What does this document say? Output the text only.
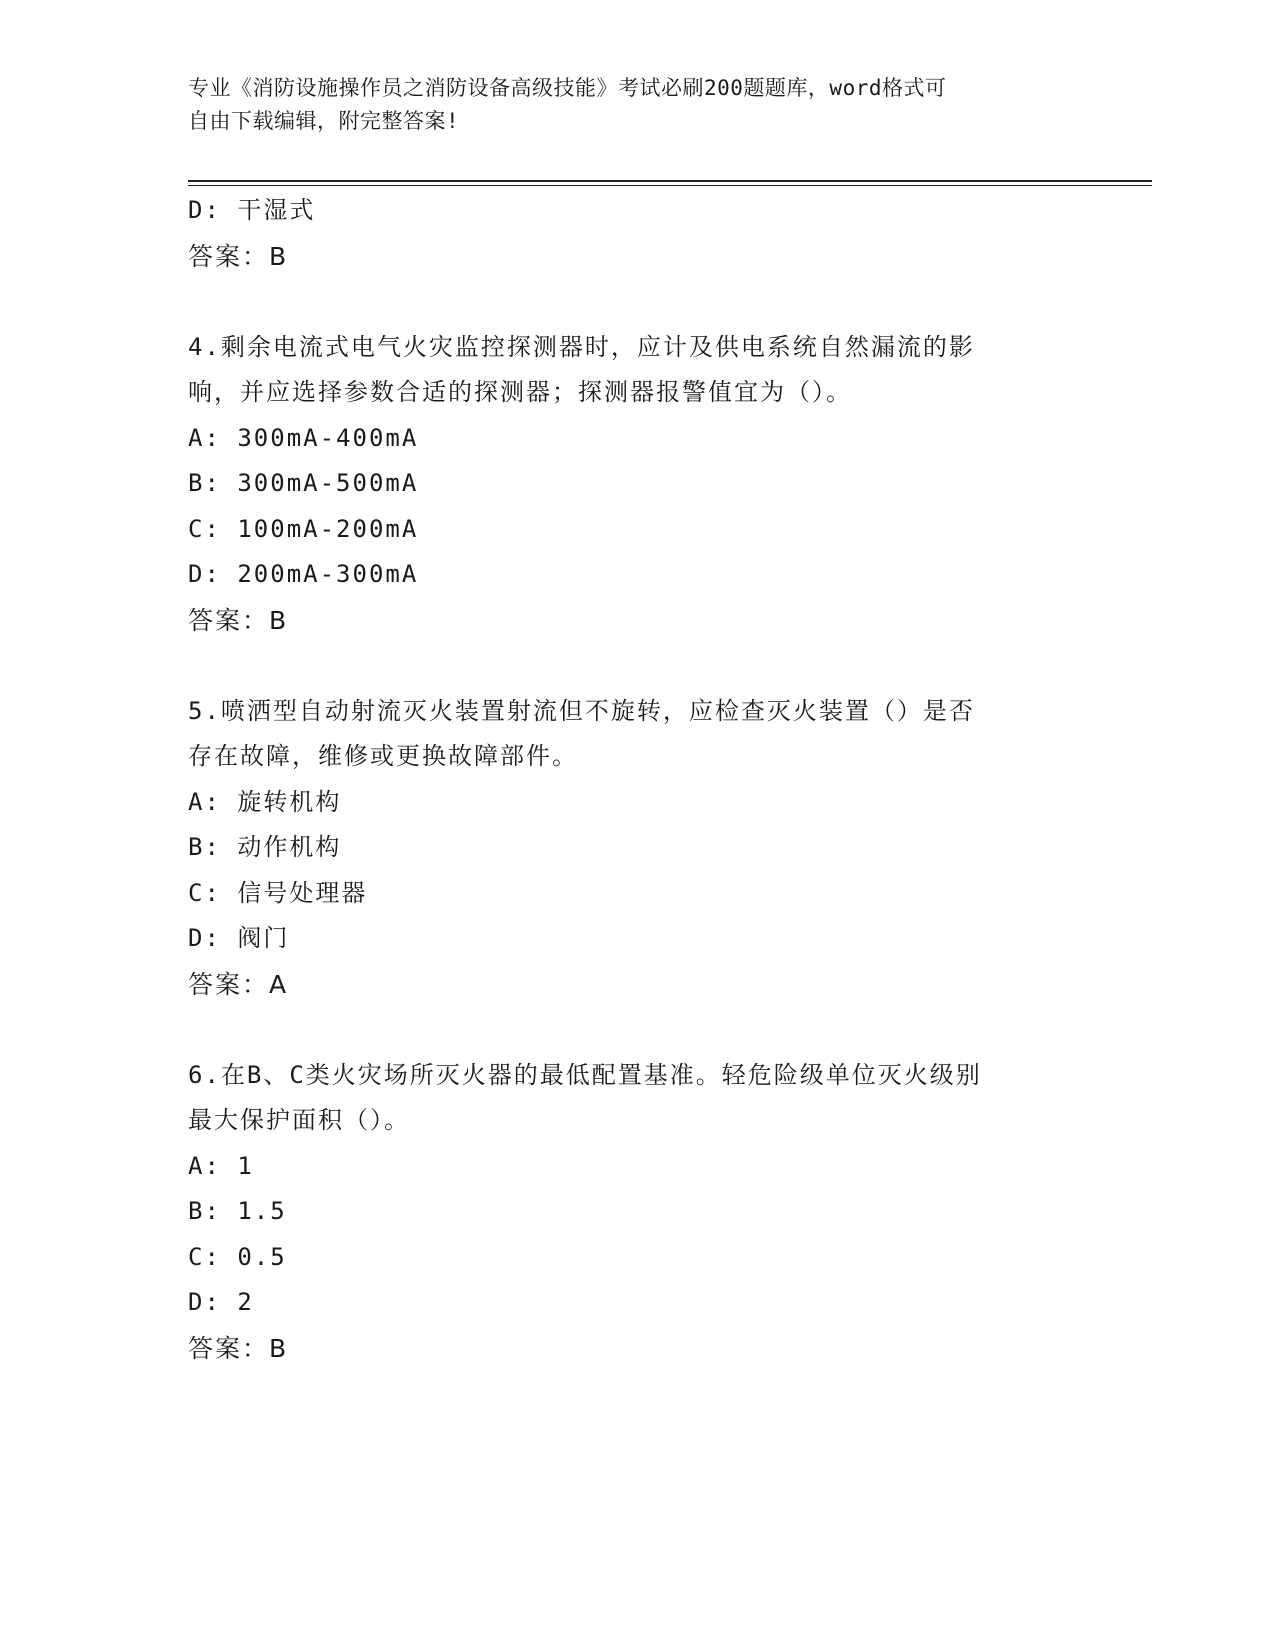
专业《消防设施操作员之消防设备高级技能》考试必刷200题题库，word格式可
自由下载编辑，附完整答案!
D: 干湿式
答案：B
4.剩余电流式电气火灾监控探测器时，应计及供电系统自然漏流的影
响，并应选择参数合适的探测器；探测器报警值宜为（）。
A: 300mA-400mA
B: 300mA-500mA
C: 100mA-200mA
D: 200mA-300mA
答案：B
5.喷洒型自动射流灭火装置射流但不旋转，应检查灭火装置（）是否
存在故障，维修或更换故障部件。
A: 旋转机构
B: 动作机构
C: 信号处理器
D: 阀门
答案：A
6.在B、C类火灾场所灭火器的最低配置基准。轻危险级单位灭火级别
最大保护面积（）。
A: 1
B: 1.5
C: 0.5
D: 2
答案：B
